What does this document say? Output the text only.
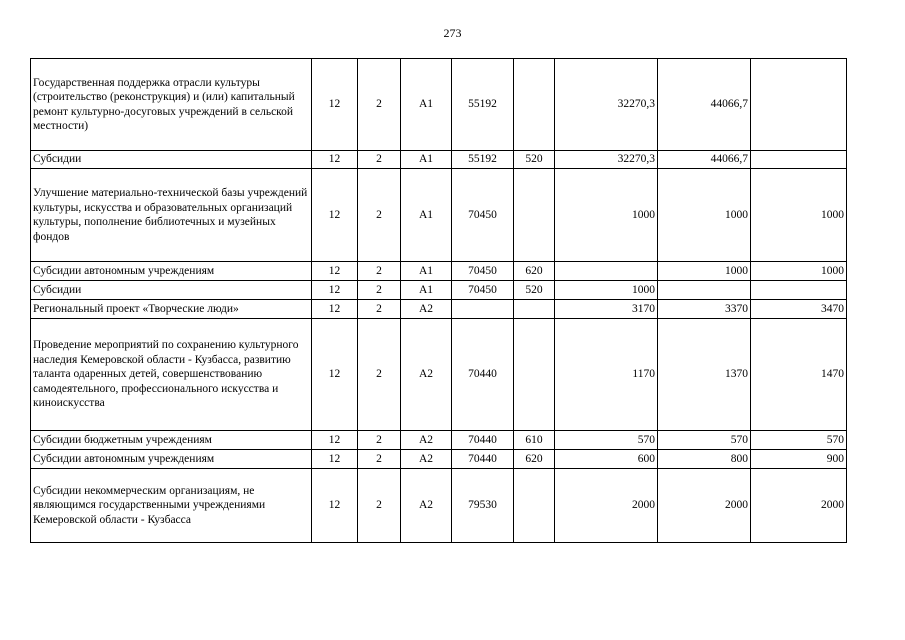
273
Государственная поддержка отрасли культуры (строительство (реконструкция) и (или) капитальный ремонт культурно-досуговых учреждений в сельской местности)	12	2	А1	55192		32270,3	44066,7	
Субсидии	12	2	А1	55192	520	32270,3	44066,7	
Улучшение материально-технической базы учреждений культуры, искусства и образовательных организаций культуры, пополнение библиотечных и музейных фондов	12	2	А1	70450		1000	1000	1000
Субсидии автономным учреждениям	12	2	А1	70450	620		1000	1000
Субсидии	12	2	А1	70450	520	1000		
Региональный проект «Творческие люди»	12	2	А2			3170	3370	3470
Проведение мероприятий по сохранению культурного наследия Кемеровской области - Кузбасса, развитию таланта одаренных детей, совершенствованию самодеятельного, профессионального искусства и киноискусства	12	2	А2	70440		1170	1370	1470
Субсидии бюджетным учреждениям	12	2	А2	70440	610	570	570	570
Субсидии автономным учреждениям	12	2	А2	70440	620	600	800	900
Субсидии некоммерческим организациям, не являющимся государственными учреждениями Кемеровской области - Кузбасса	12	2	А2	79530		2000	2000	2000
